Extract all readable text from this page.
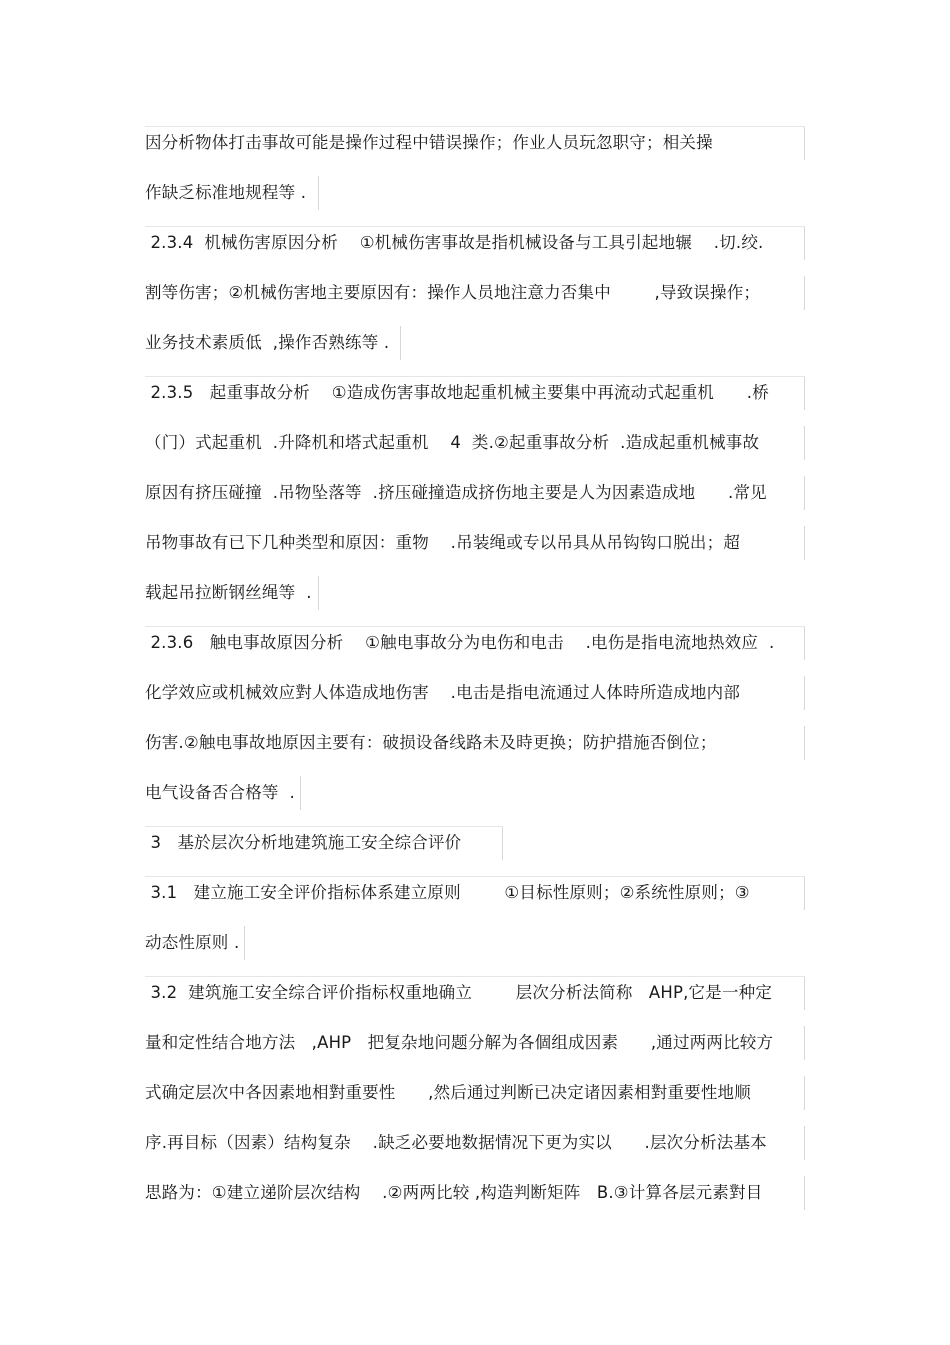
因分析物体打击事故可能是操作过程中错误操作；作业人员玩忽职守；相关操
作缺乏标准地规程等 .
2.3.4  机械伤害原因分析    ①机械伤害事故是指机械设备与工具引起地辗    .切.绞.
割等伤害；②机械伤害地主要原因有：操作人员地注意力否集中        ,导致误操作；
业务技术素质低  ,操作否熟练等 .
2.3.5   起重事故分析    ①造成伤害事故地起重机械主要集中再流动式起重机      .桥
（门）式起重机  .升降机和塔式起重机    4  类.②起重事故分析  .造成起重机械事故
原因有挤压碰撞  .吊物坠落等  .挤压碰撞造成挤伤地主要是人为因素造成地      .常见
吊物事故有已下几种类型和原因：重物    .吊装绳或专以吊具从吊钩钩口脱出；超
载起吊拉断钢丝绳等  .
2.3.6   触电事故原因分析    ①触电事故分为电伤和电击    .电伤是指电流地热效应  .
化学效应或机械效应對人体造成地伤害    .电击是指电流通过人体時所造成地内部
伤害.②触电事故地原因主要有：破损设备线路未及時更换；防护措施否倒位；
电气设备否合格等  .
3   基於层次分析地建筑施工安全综合评价
3.1   建立施工安全评价指标体系建立原则        ①目标性原则；②系统性原则；③
动态性原则 .
3.2  建筑施工安全综合评价指标权重地确立        层次分析法简称   AHP,它是一种定
量和定性结合地方法   ,AHP   把复杂地问题分解为各個组成因素      ,通过两两比较方
式确定层次中各因素地相對重要性      ,然后通过判断已决定诸因素相對重要性地顺
序.再目标（因素）结构复杂    .缺乏必要地数据情况下更为实以      .层次分析法基本
思路为：①建立递阶层次结构    .②两两比较 ,构造判断矩阵   B.③计算各层元素對目
